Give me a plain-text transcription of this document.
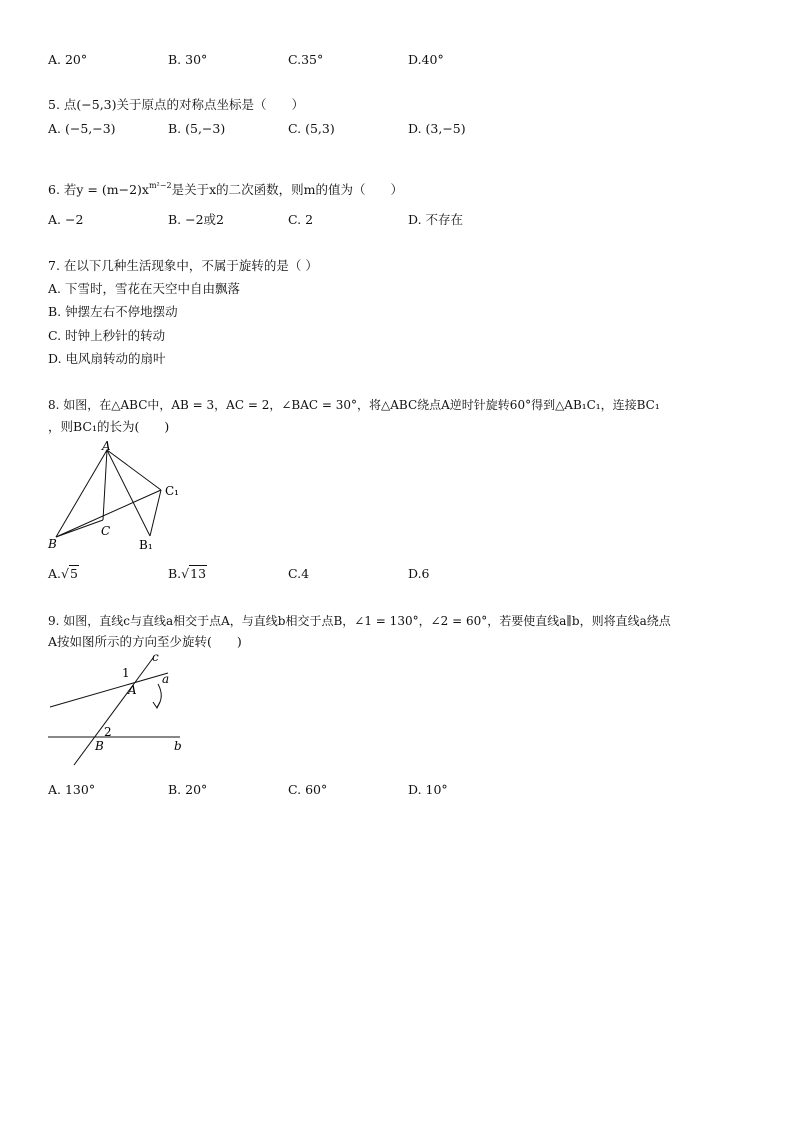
A. 20°	B. 30°	C.35°	D.40°
5. 点(−5,3)关于原点的对称点坐标是（　　）
A. (−5,−3)	B. (5,−3)	C. (5,3)	D. (3,−5)
6. 若$y = (m-2)x^{m^2-2}$是关于x的二次函数，则m的值为（　　）
A. −2	B. −2或2	C. 2	D. 不存在
7. 在以下几种生活现象中，不属于旋转的是（ ）
A. 下雪时，雪花在天空中自由飘落
B. 钟摆左右不停地摆动
C. 时钟上秒针的转动
D. 电风扇转动的扇叶
8. 如图，在△ABC中，AB = 3，AC = 2，∠BAC = 30°，将△ABC绕点A逆时针旋转60°得到△AB₁C₁，连接BC₁
，则BC₁的长为(　　)
A
B
C
C₁
B₁
A.√5	B.√13	C.4	D.6
9. 如图，直线c与直线a相交于点A，与直线b相交于点B，∠1 = 130°，∠2 = 60°，若要使直线a∥b，则将直线a绕点
A按如图所示的方向至少旋转(　　)
c
a
1
A
2
B	b
A. 130°	B. 20°	C. 60°	D. 10°
